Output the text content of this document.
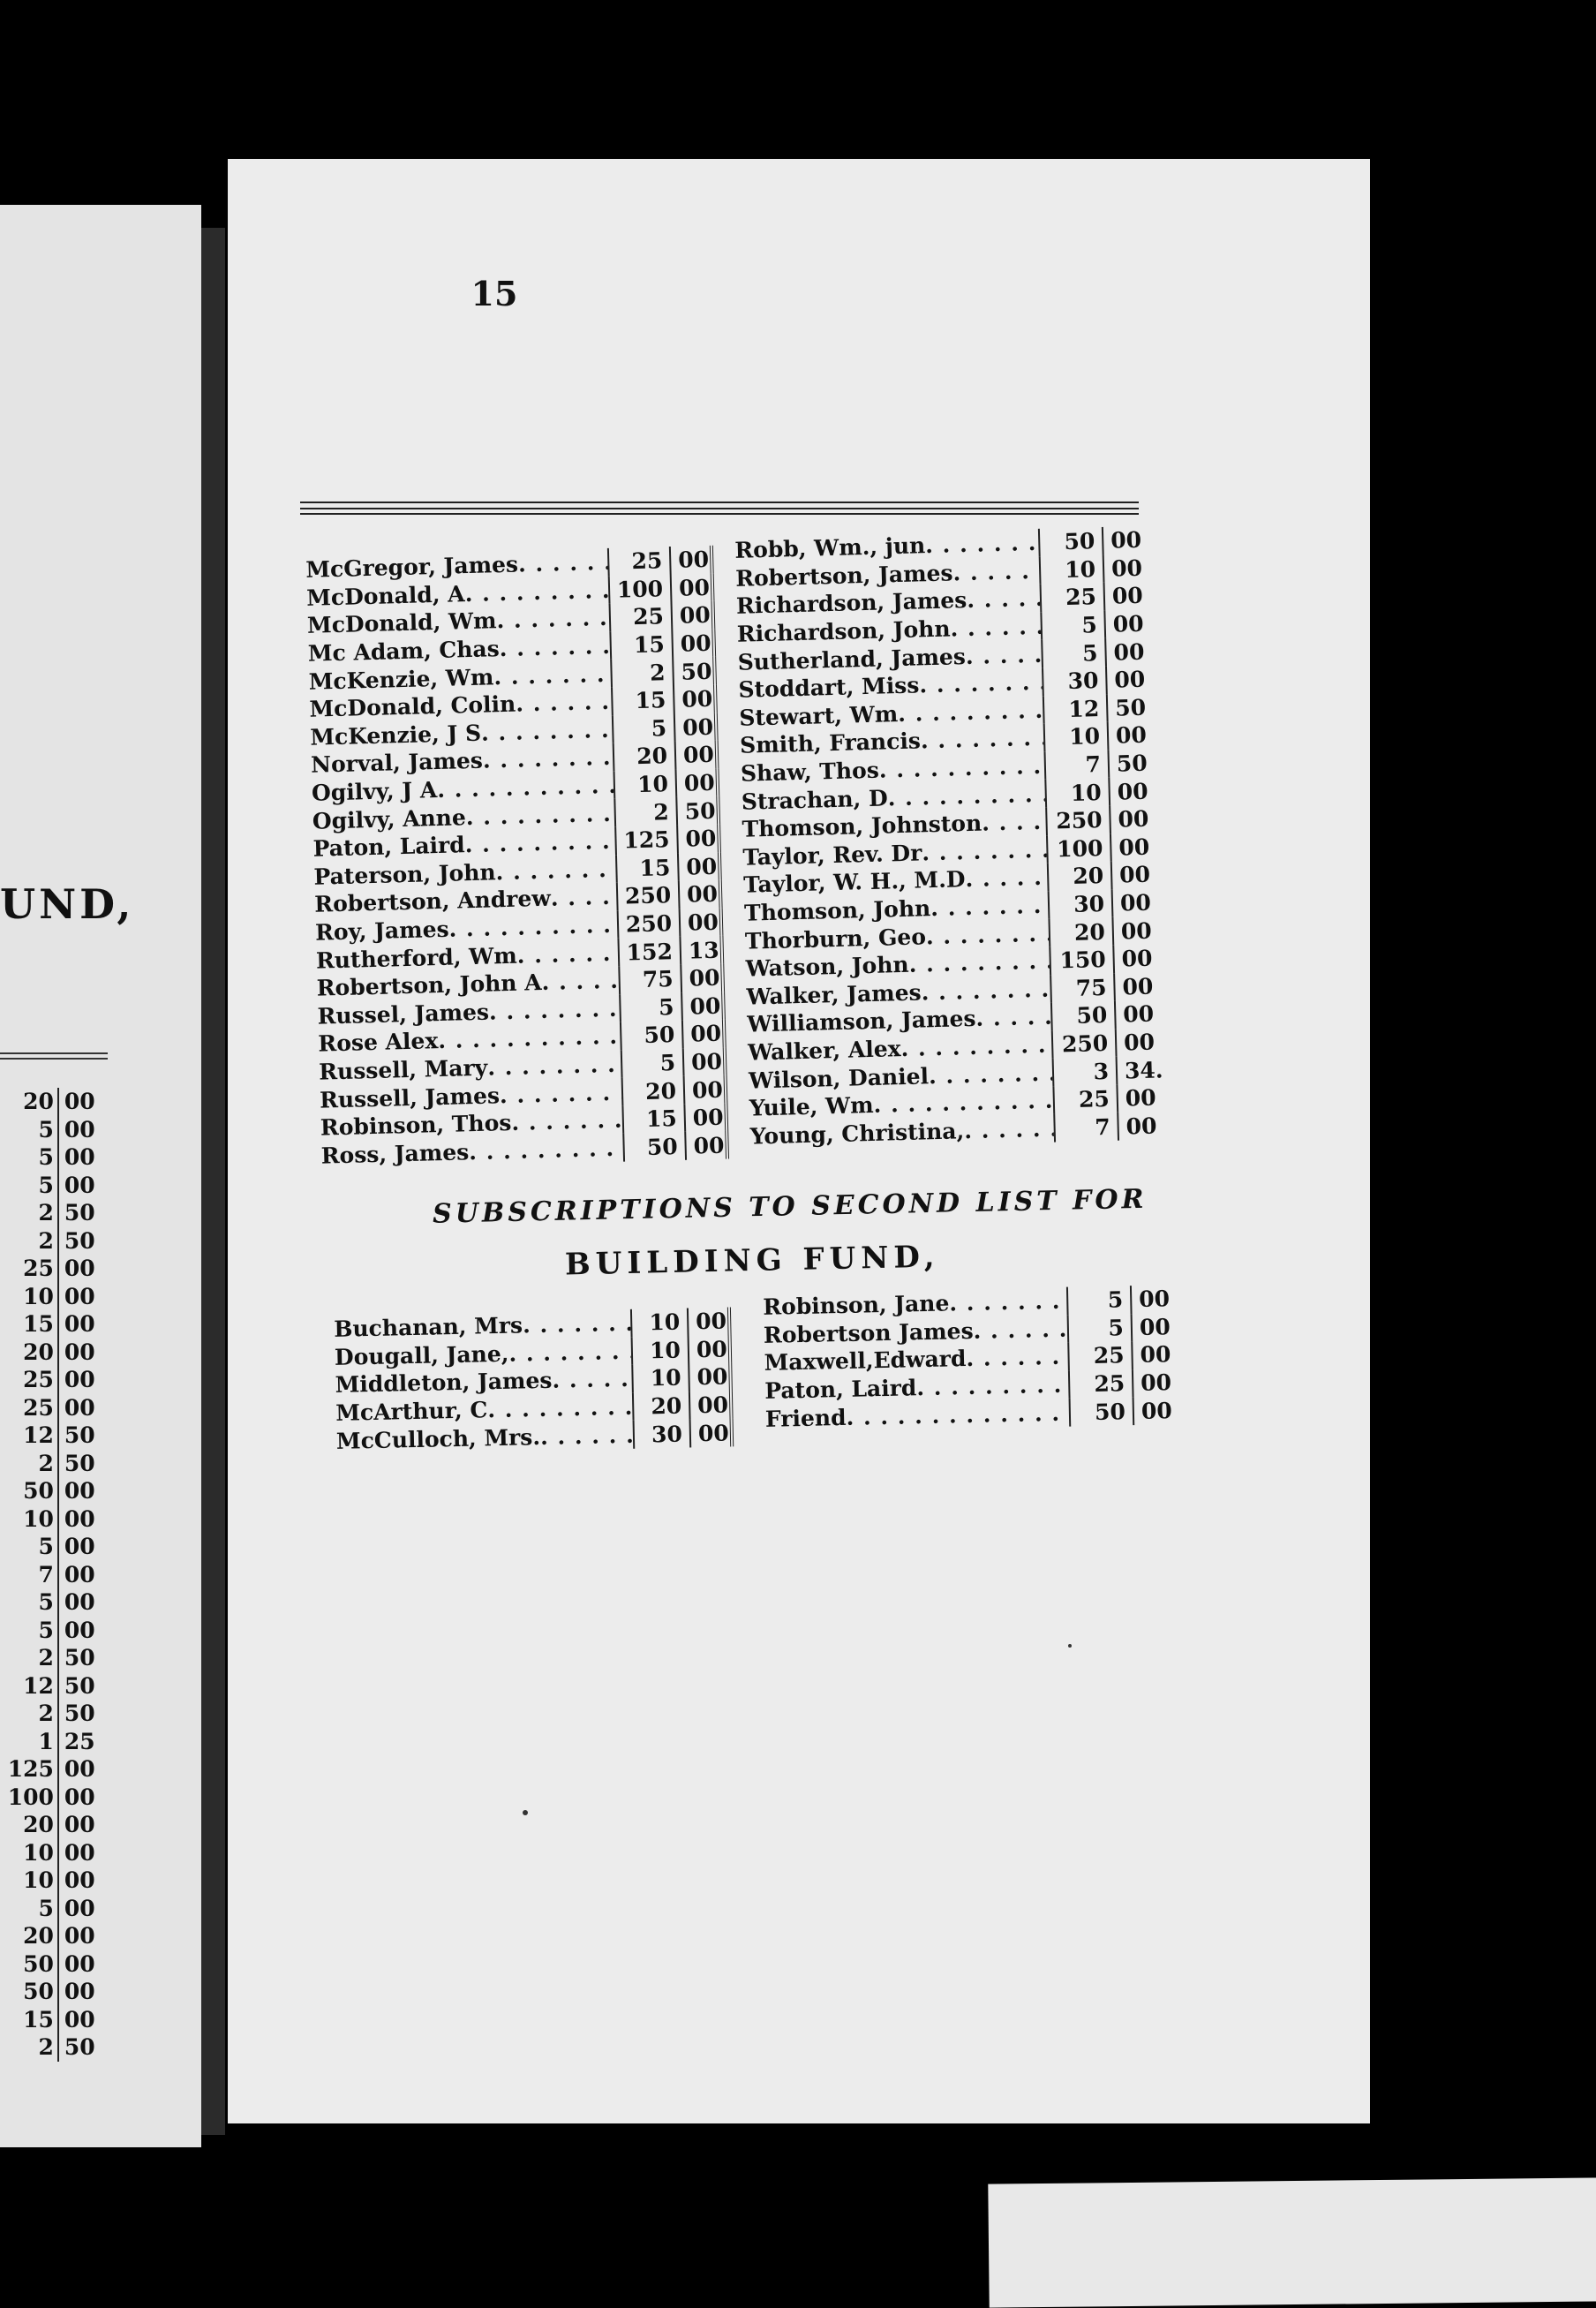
UND,
20 00
5 00
5 00
5 00
2 50
2 50
25 00
10 00
15 00
20 00
25 00
25 00
12 50
2 50
50 00
10 00
5 00
7 00
5 00
5 00
2 50
12 50
2 50
1 25
125 00
100 00
20 00
10 00
10 00
5 00
20 00
50 00
50 00
15 00
2 50
15
McGregor, James . . .	25 00
McDonald, A . . .	100 00
McDonald, Wm . . .	25 00
Mc Adam, Chas . . .	15 00
McKenzie, Wm . . .	2 50
McDonald, Colin . . .	15 00
McKenzie, J S . . .	5 00
Norval, James . . .	20 00
Ogilvy, J A . . .	10 00
Ogilvy, Anne . . .	2 50
Paton, Laird . . .	125 00
Paterson, John . . .	15 00
Robertson, Andrew . . .	250 00
Roy, James . . .	250 00
Rutherford, Wm . . .	152 13
Robertson, John A . . .	75 00
Russel, James . . .	5 00
Rose Alex . . .	50 00
Russell, Mary . . .	5 00
Russell, James . . .	20 00
Robinson, Thos . . .	15 00
Ross, James . . .	50 00
Robb, Wm., jun . . .	50 00
Robertson, James . . .	10 00
Richardson, James . . .	25 00
Richardson, John . . .	5 00
Sutherland, James . . .	5 00
Stoddart, Miss . . .	30 00
Stewart, Wm . . .	12 50
Smith, Francis . . .	10 00
Shaw, Thos . . .	7 50
Strachan, D . . .	10 00
Thomson, Johnston . . .	250 00
Taylor, Rev. Dr . . .	100 00
Taylor, W. H., M.D . . .	20 00
Thomson, John . . .	30 00
Thorburn, Geo . . .	20 00
Watson, John . . .	150 00
Walker, James . . .	75 00
Williamson, James . . .	50 00
Walker, Alex . . .	250 00
Wilson, Daniel . . .	3 34.
Yuile, Wm . . .	25 00
Young, Christina, . . .	7 00
SUBSCRIPTIONS TO SECOND LIST FOR
BUILDING FUND,
Buchanan, Mrs . . .	10 00
Dougall, Jane, . . .	10 00
Middleton, James . . .	10 00
McArthur, C . . .	20 00
McCulloch, Mrs. . . .	30 00
Robinson, Jane . . .	5 00
Robertson James . . .	5 00
Maxwell,Edward . . .	25 00
Paton, Laird . . .	25 00
Friend . . .	50 00
